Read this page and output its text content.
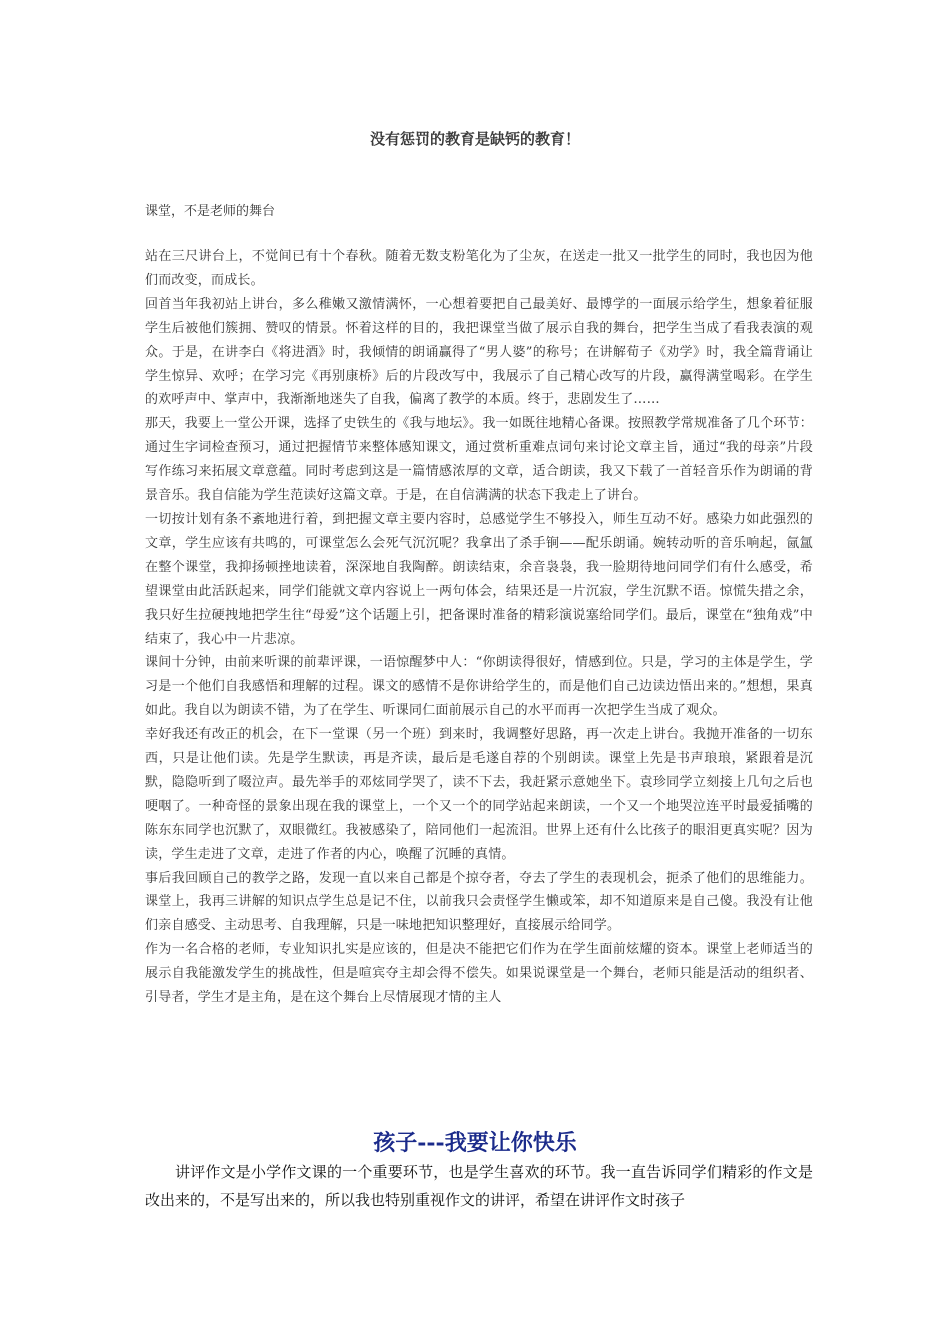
没有惩罚的教育是缺钙的教育！

课堂，不是老师的舞台

站在三尺讲台上，不觉间已有十个春秋。随着无数支粉笔化为了尘灰，在送走一批又一批学生的同时，我也因为他们而改变，而成长。

回首当年我初站上讲台，多么稚嫩又激情满怀，一心想着要把自己最美好、最博学的一面展示给学生，想象着征服学生后被他们簇拥、赞叹的情景。怀着这样的目的，我把课堂当做了展示自我的舞台，把学生当成了看我表演的观众。于是，在讲李白《将进酒》时，我倾情的朗诵赢得了“男人婆”的称号；在讲解荀子《劝学》时，我全篇背诵让学生惊异、欢呼；在学习完《再别康桥》后的片段改写中，我展示了自己精心改写的片段，赢得满堂喝彩。在学生的欢呼声中、掌声中，我渐渐地迷失了自我，偏离了教学的本质。终于，悲剧发生了……

那天，我要上一堂公开课，选择了史铁生的《我与地坛》。我一如既往地精心备课。按照教学常规准备了几个环节：通过生字词检查预习，通过把握情节来整体感知课文，通过赏析重难点词句来讨论文章主旨，通过“我的母亲”片段写作练习来拓展文章意蕴。同时考虑到这是一篇情感浓厚的文章，适合朗读，我又下载了一首轻音乐作为朗诵的背景音乐。我自信能为学生范读好这篇文章。于是，在自信满满的状态下我走上了讲台。

一切按计划有条不紊地进行着，到把握文章主要内容时，总感觉学生不够投入，师生互动不好。感染力如此强烈的文章，学生应该有共鸣的，可课堂怎么会死气沉沉呢？我拿出了杀手锏——配乐朗诵。婉转动听的音乐响起，氤氲在整个课堂，我抑扬顿挫地读着，深深地自我陶醉。朗读结束，余音袅袅，我一脸期待地问同学们有什么感受，希望课堂由此活跃起来，同学们能就文章内容说上一两句体会，结果还是一片沉寂，学生沉默不语。惊慌失措之余，我只好生拉硬拽地把学生往“母爱”这个话题上引，把备课时准备的精彩演说塞给同学们。最后，课堂在“独角戏”中结束了，我心中一片悲凉。

课间十分钟，由前来听课的前辈评课，一语惊醒梦中人：“你朗读得很好，情感到位。只是，学习的主体是学生，学习是一个他们自我感悟和理解的过程。课文的感情不是你讲给学生的，而是他们自己边读边悟出来的。”想想，果真如此。我自以为朗读不错，为了在学生、听课同仁面前展示自己的水平而再一次把学生当成了观众。

幸好我还有改正的机会，在下一堂课（另一个班）到来时，我调整好思路，再一次走上讲台。我抛开准备的一切东西，只是让他们读。先是学生默读，再是齐读，最后是毛遂自荐的个别朗读。课堂上先是书声琅琅，紧跟着是沉默，隐隐听到了啜泣声。最先举手的邓炫同学哭了，读不下去，我赶紧示意她坐下。袁珍同学立刻接上几句之后也哽咽了。一种奇怪的景象出现在我的课堂上，一个又一个的同学站起来朗读，一个又一个地哭泣连平时最爱插嘴的陈东东同学也沉默了，双眼微红。我被感染了，陪同他们一起流泪。世界上还有什么比孩子的眼泪更真实呢？因为读，学生走进了文章，走进了作者的内心，唤醒了沉睡的真情。

事后我回顾自己的教学之路，发现一直以来自己都是个掠夺者，夺去了学生的表现机会，扼杀了他们的思维能力。课堂上，我再三讲解的知识点学生总是记不住，以前我只会责怪学生懒或笨，却不知道原来是自己傻。我没有让他们亲自感受、主动思考、自我理解，只是一味地把知识整理好，直接展示给同学。

作为一名合格的老师，专业知识扎实是应该的，但是决不能把它们作为在学生面前炫耀的资本。课堂上老师适当的展示自我能激发学生的挑战性，但是喧宾夺主却会得不偿失。如果说课堂是一个舞台，老师只能是活动的组织者、引导者，学生才是主角，是在这个舞台上尽情展现才情的主人

孩子---我要让你快乐

讲评作文是小学作文课的一个重要环节，也是学生喜欢的环节。我一直告诉同学们精彩的作文是改出来的，不是写出来的，所以我也特别重视作文的讲评，希望在讲评作文时孩子
